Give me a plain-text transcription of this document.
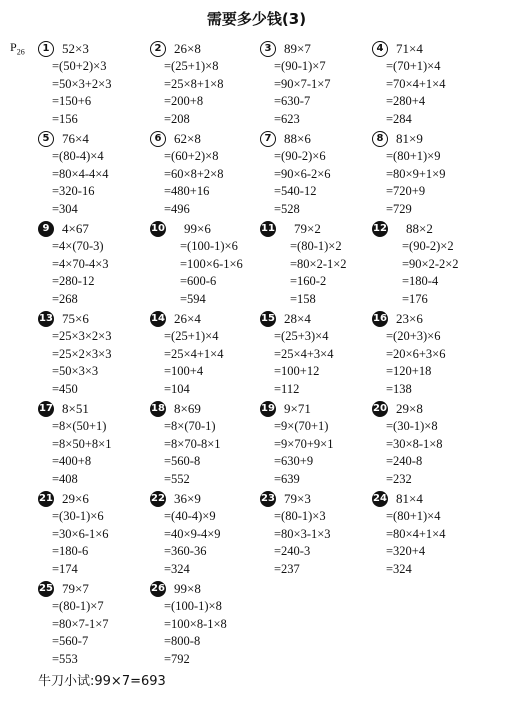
需要多少钱(3)
$P_{26}$	1 52×3
=(50+2)×3
=50×3+2×3
=150+6
=156
2 26×8
=(25+1)×8
=25×8+1×8
=200+8
=208
3 89×7
=(90-1)×7
=90×7-1×7
=630-7
=623
4 71×4
=(70+1)×4
=70×4+1×4
=280+4
=284
5 76×4
=(80-4)×4
=80×4-4×4
=320-16
=304
6 62×8
=(60+2)×8
=60×8+2×8
=480+16
=496
7 88×6
=(90-2)×6
=90×6-2×6
=540-12
=528
8 81×9
=(80+1)×9
=80×9+1×9
=720+9
=729
9 4×67
=4×(70-3)
=4×70-4×3
=280-12
=268
10 99×6
=(100-1)×6
=100×6-1×6
=600-6
=594
11 79×2
=(80-1)×2
=80×2-1×2
=160-2
=158
12 88×2
=(90-2)×2
=90×2-2×2
=180-4
=176
13 75×6
=25×3×2×3
=25×2×3×3
=50×3×3
=450
14 26×4
=(25+1)×4
=25×4+1×4
=100+4
=104
15 28×4
=(25+3)×4
=25×4+3×4
=100+12
=112
16 23×6
=(20+3)×6
=20×6+3×6
=120+18
=138
17 8×51
=8×(50+1)
=8×50+8×1
=400+8
=408
18 8×69
=8×(70-1)
=8×70-8×1
=560-8
=552
19 9×71
=9×(70+1)
=9×70+9×1
=630+9
=639
20 29×8
=(30-1)×8
=30×8-1×8
=240-8
=232
21 29×6
=(30-1)×6
=30×6-1×6
=180-6
=174
22 36×9
=(40-4)×9
=40×9-4×9
=360-36
=324
23 79×3
=(80-1)×3
=80×3-1×3
=240-3
=237
24 81×4
=(80+1)×4
=80×4+1×4
=320+4
=324
25 79×7
=(80-1)×7
=80×7-1×7
=560-7
=553
26 99×8
=(100-1)×8
=100×8-1×8
=800-8
=792
牛刀小试:99×7=693
